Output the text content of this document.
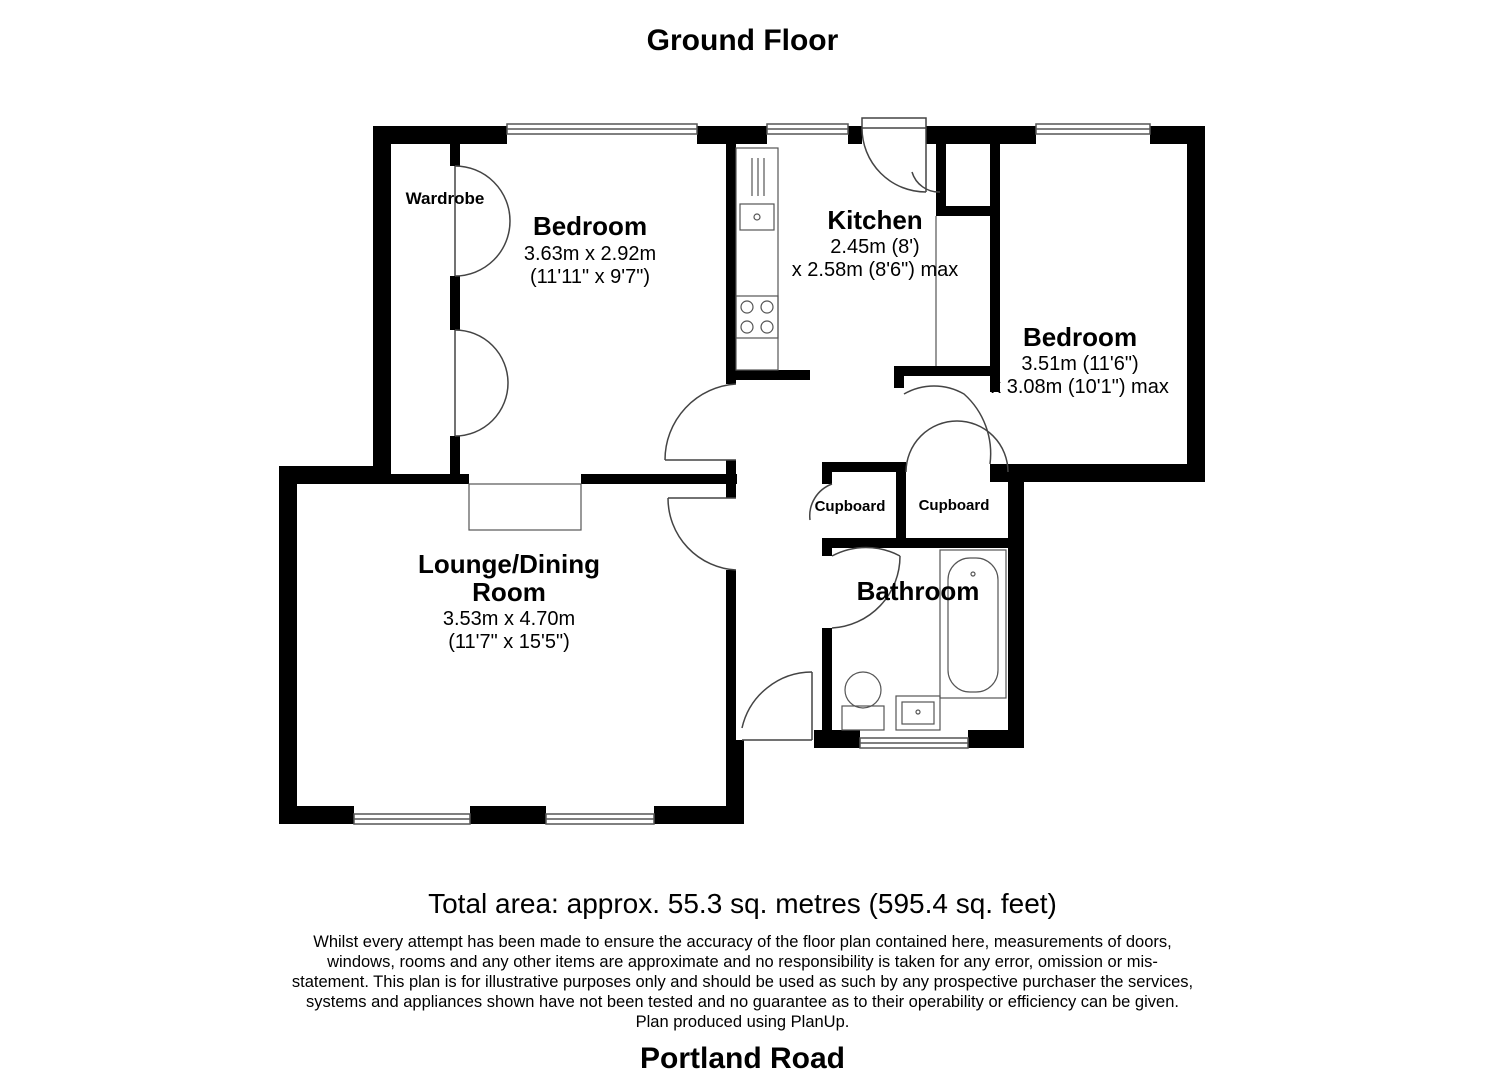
Ground Floor
Wardrobe
Bedroom
3.63m x 2.92m
(11'11" x 9'7")
Kitchen
2.45m (8')
x 2.58m (8'6") max
Bedroom
3.51m (11'6")
x 3.08m (10'1") max
Lounge/Dining
Room
3.53m x 4.70m
(11'7" x 15'5")
Cupboard Cupboard
Bathroom
Total area: approx. 55.3 sq. metres (595.4 sq. feet)
Whilst every attempt has been made to ensure the accuracy of the floor plan contained here, measurements of doors,
windows, rooms and any other items are approximate and no responsibility is taken for any error, omission or mis-
statement. This plan is for illustrative purposes only and should be used as such by any prospective purchaser the services,
systems and appliances shown have not been tested and no guarantee as to their operability or efficiency can be given.
Plan produced using PlanUp.
Portland Road
